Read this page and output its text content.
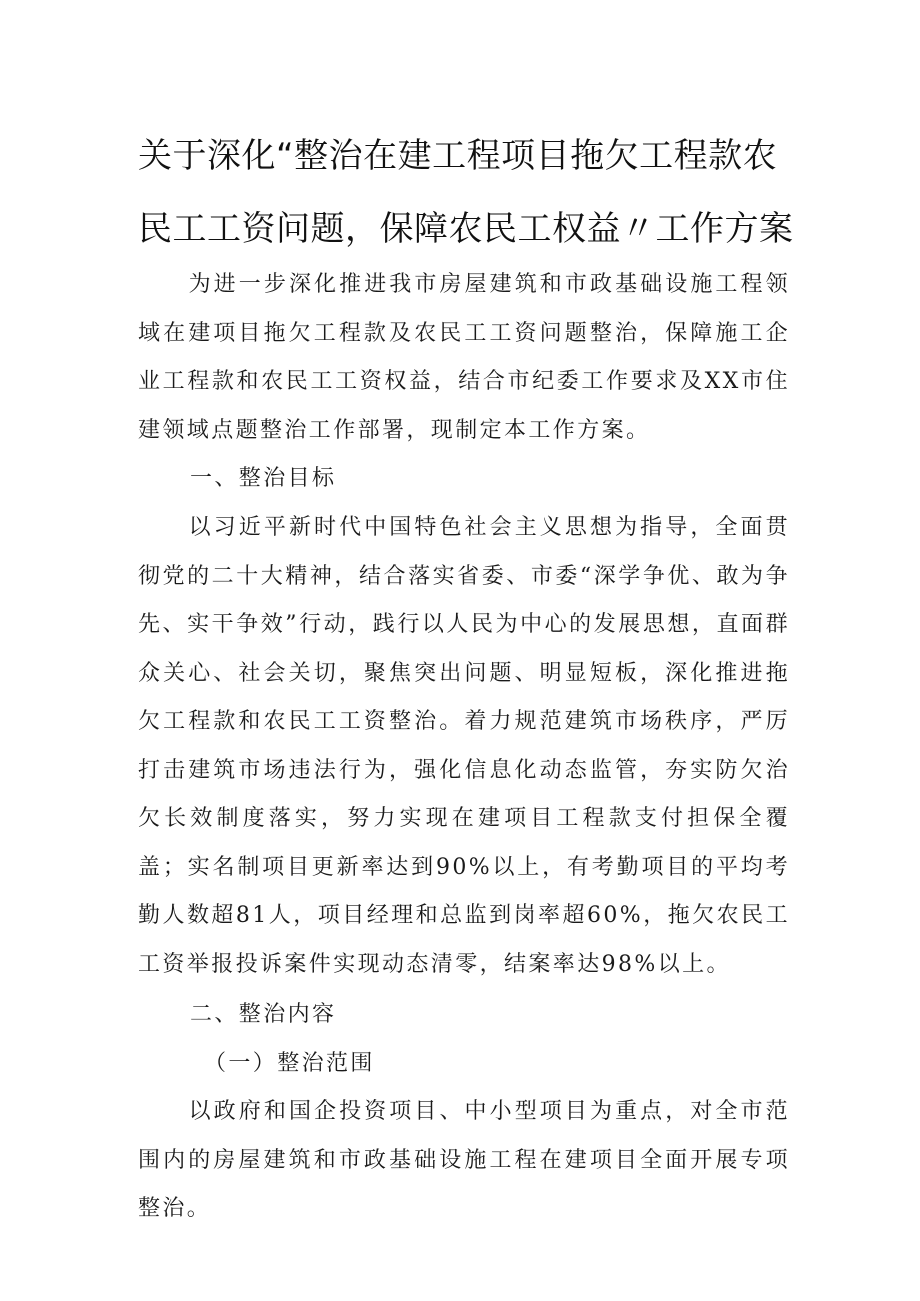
关于深化“整治在建工程项目拖欠工程款农
民工工资问题，保障农民工权益〃工作方案

为进一步深化推进我市房屋建筑和市政基础设施工程领域在建项目拖欠工程款及农民工工资问题整治，保障施工企业工程款和农民工工资权益，结合市纪委工作要求及XX市住建领域点题整治工作部署，现制定本工作方案。

一、整治目标

以习近平新时代中国特色社会主义思想为指导，全面贯彻党的二十大精神，结合落实省委、市委“深学争优、敢为争先、实干争效”行动，践行以人民为中心的发展思想，直面群众关心、社会关切，聚焦突出问题、明显短板，深化推进拖欠工程款和农民工工资整治。着力规范建筑市场秩序，严厉打击建筑市场违法行为，强化信息化动态监管，夯实防欠治欠长效制度落实，努力实现在建项目工程款支付担保全覆盖；实名制项目更新率达到90%以上，有考勤项目的平均考勤人数超81人，项目经理和总监到岗率超60%，拖欠农民工工资举报投诉案件实现动态清零，结案率达98%以上。

二、整治内容

（一）整治范围

以政府和国企投资项目、中小型项目为重点，对全市范围内的房屋建筑和市政基础设施工程在建项目全面开展专项整治。
